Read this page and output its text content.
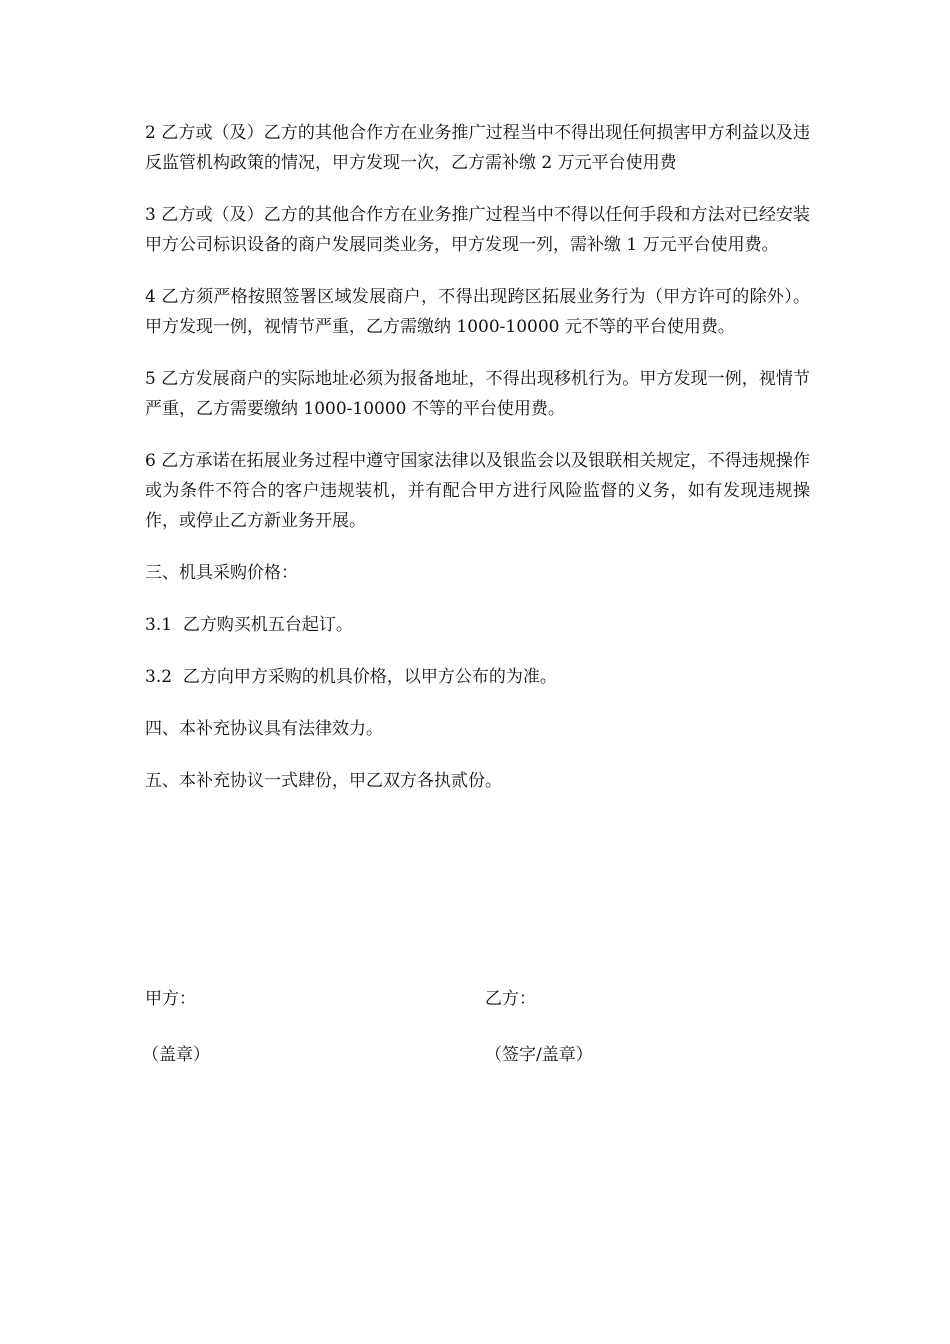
2 乙方或（及）乙方的其他合作方在业务推广过程当中不得出现任何损害甲方利益以及违反监管机构政策的情况，甲方发现一次，乙方需补缴 2 万元平台使用费

3 乙方或（及）乙方的其他合作方在业务推广过程当中不得以任何手段和方法对已经安装甲方公司标识设备的商户发展同类业务，甲方发现一列，需补缴 1 万元平台使用费。

4 乙方须严格按照签署区域发展商户，不得出现跨区拓展业务行为（甲方许可的除外）。甲方发现一例，视情节严重，乙方需缴纳 1000-10000 元不等的平台使用费。

5 乙方发展商户的实际地址必须为报备地址，不得出现移机行为。甲方发现一例，视情节严重，乙方需要缴纳 1000-10000 不等的平台使用费。

6 乙方承诺在拓展业务过程中遵守国家法律以及银监会以及银联相关规定，不得违规操作或为条件不符合的客户违规装机，并有配合甲方进行风险监督的义务，如有发现违规操作，或停止乙方新业务开展。

三、机具采购价格：

3.1  乙方购买机五台起订。

3.2  乙方向甲方采购的机具价格，以甲方公布的为准。

四、本补充协议具有法律效力。

五、本补充协议一式肆份，甲乙双方各执贰份。

甲方：	乙方：
（盖章）	（签字/盖章）
